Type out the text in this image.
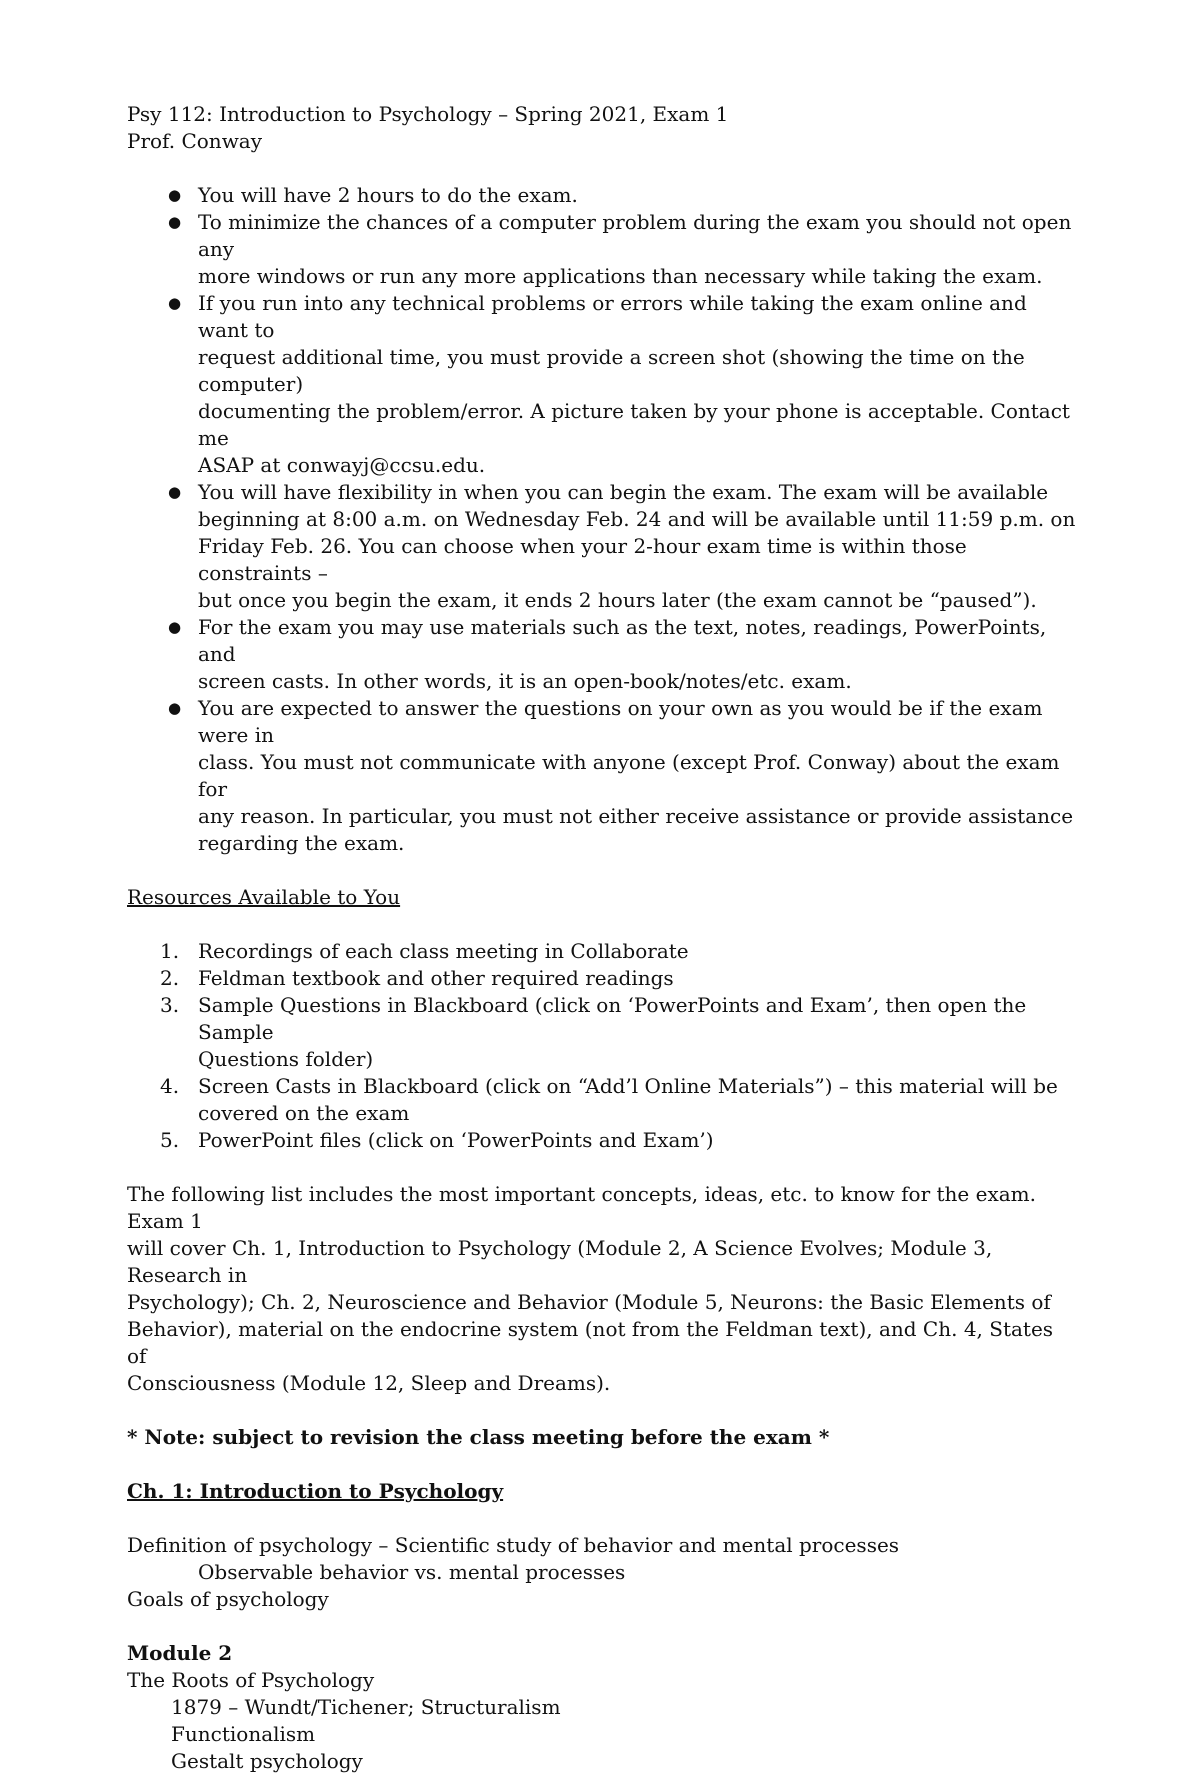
Psy 112: Introduction to Psychology – Spring 2021, Exam 1

Prof. Conway

● You will have 2 hours to do the exam.
● To minimize the chances of a computer problem during the exam you should not open any
more windows or run any more applications than necessary while taking the exam.
● If you run into any technical problems or errors while taking the exam online and want to
request additional time, you must provide a screen shot (showing the time on the computer)
documenting the problem/error. A picture taken by your phone is acceptable. Contact me
ASAP at conwayj@ccsu.edu.
● You will have flexibility in when you can begin the exam. The exam will be available
beginning at 8:00 a.m. on Wednesday Feb. 24 and will be available until 11:59 p.m. on
Friday Feb. 26. You can choose when your 2-hour exam time is within those constraints –
but once you begin the exam, it ends 2 hours later (the exam cannot be “paused”).
● For the exam you may use materials such as the text, notes, readings, PowerPoints, and
screen casts. In other words, it is an open-book/notes/etc. exam.
● You are expected to answer the questions on your own as you would be if the exam were in
class. You must not communicate with anyone (except Prof. Conway) about the exam for
any reason. In particular, you must not either receive assistance or provide assistance
regarding the exam.

Resources Available to You

1. Recordings of each class meeting in Collaborate
2. Feldman textbook and other required readings
3. Sample Questions in Blackboard (click on ‘PowerPoints and Exam’, then open the Sample
Questions folder)
4. Screen Casts in Blackboard (click on “Add’l Online Materials”) – this material will be
covered on the exam
5. PowerPoint files (click on ‘PowerPoints and Exam’)
The following list includes the most important concepts, ideas, etc. to know for the exam. Exam 1
will cover Ch. 1, Introduction to Psychology (Module 2, A Science Evolves; Module 3, Research in
Psychology); Ch. 2, Neuroscience and Behavior (Module 5, Neurons: the Basic Elements of
Behavior), material on the endocrine system (not from the Feldman text), and Ch. 4, States of
Consciousness (Module 12, Sleep and Dreams).

* Note: subject to revision the class meeting before the exam *

Ch. 1: Introduction to Psychology

Definition of psychology – Scientific study of behavior and mental processes
Observable behavior vs. mental processes
Goals of psychology

Module 2

The Roots of Psychology
1879 – Wundt/Tichener; Structuralism
Functionalism
Gestalt psychology
